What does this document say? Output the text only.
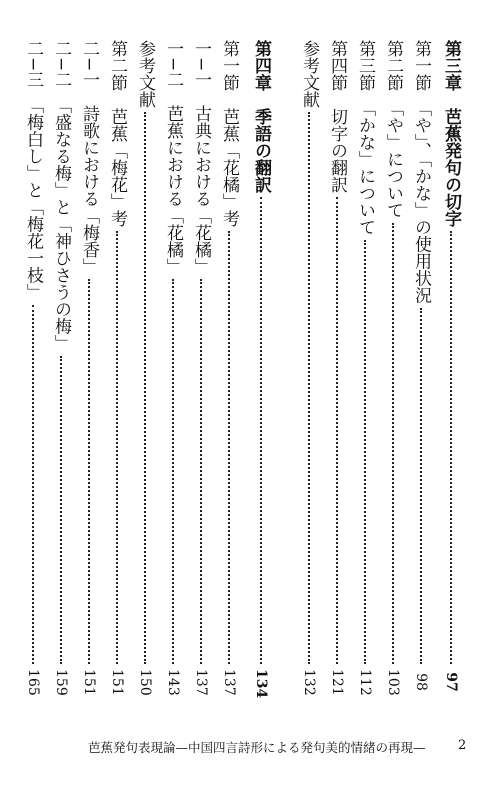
第三章　芭蕉発句の切字
97
第一節　「や」、「かな」の使用状況
98
第二節　「や」について
103
第三節　「かな」について
112
第四節　切字の翻訳
121
参考文献
132
第四章　季語の翻訳
134
第一節　芭蕉「花橘」考
137
一−一　古典における「花橘」
137
一−二　芭蕉における「花橘」
143
参考文献
150
第二節　芭蕉「梅花」考
151
二−一　詩歌における「梅香」
151
二−二　「盛なる梅」と「神ひさうの梅」
159
二−三　「梅白し」と「梅花一枝」
165
芭蕉発句表現論—中国四言詩形による発句美的情緒の再現— 2
